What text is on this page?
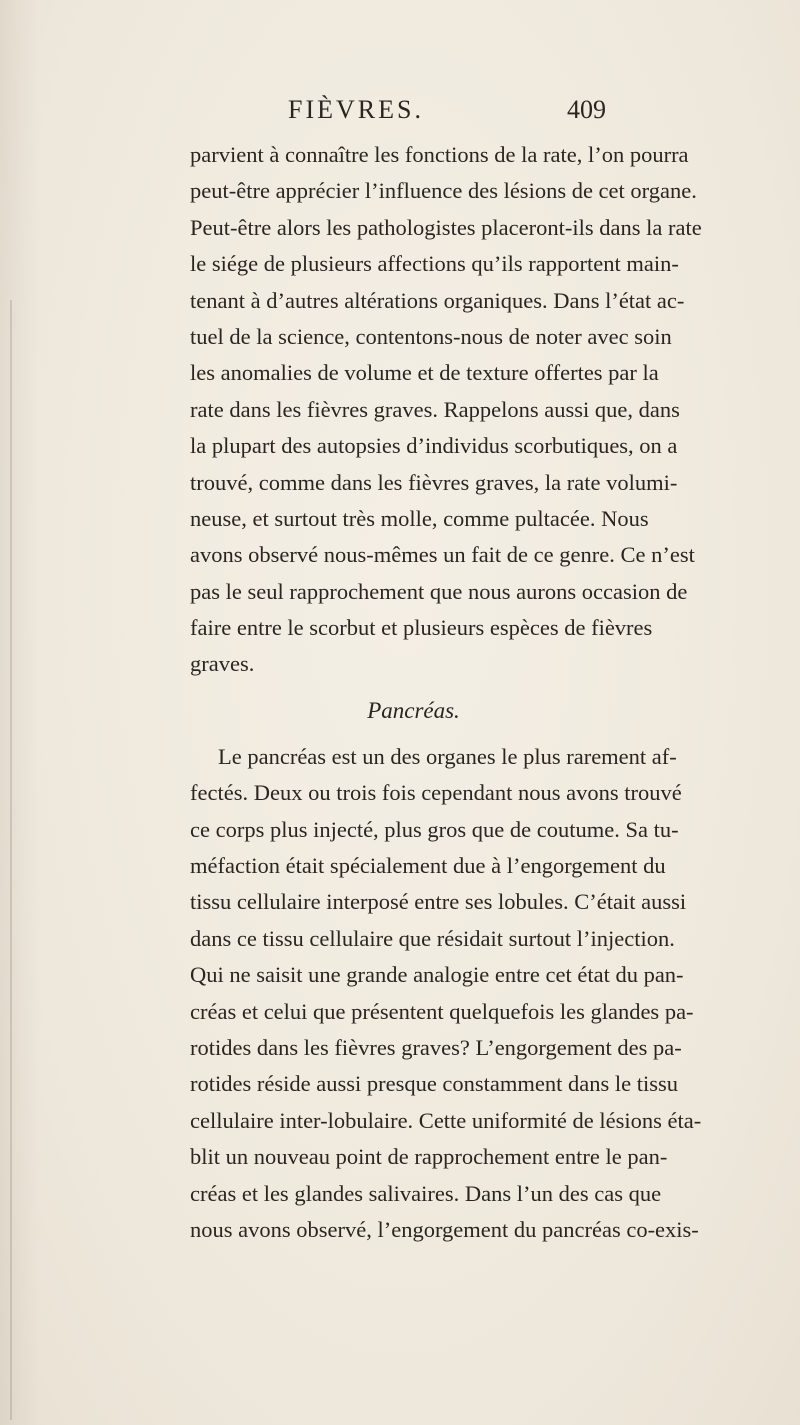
FIÈVRES.	409
parvient à connaître les fonctions de la rate, l’on pourra
peut-être apprécier l’influence des lésions de cet organe.
Peut-être alors les pathologistes placeront-ils dans la rate
le siége de plusieurs affections qu’ils rapportent main-
tenant à d’autres altérations organiques. Dans l’état ac-
tuel de la science, contentons-nous de noter avec soin
les anomalies de volume et de texture offertes par la
rate dans les fièvres graves. Rappelons aussi que, dans
la plupart des autopsies d’individus scorbutiques, on a
trouvé, comme dans les fièvres graves, la rate volumi-
neuse, et surtout très molle, comme pultacée. Nous
avons observé nous-mêmes un fait de ce genre. Ce n’est
pas le seul rapprochement que nous aurons occasion de
faire entre le scorbut et plusieurs espèces de fièvres
graves.
Pancréas.
Le pancréas est un des organes le plus rarement af-
fectés. Deux ou trois fois cependant nous avons trouvé
ce corps plus injecté, plus gros que de coutume. Sa tu-
méfaction était spécialement due à l’engorgement du
tissu cellulaire interposé entre ses lobules. C’était aussi
dans ce tissu cellulaire que résidait surtout l’injection.
Qui ne saisit une grande analogie entre cet état du pan-
créas et celui que présentent quelquefois les glandes pa-
rotides dans les fièvres graves? L’engorgement des pa-
rotides réside aussi presque constamment dans le tissu
cellulaire inter-lobulaire. Cette uniformité de lésions éta-
blit un nouveau point de rapprochement entre le pan-
créas et les glandes salivaires. Dans l’un des cas que
nous avons observé, l’engorgement du pancréas co-exis-
